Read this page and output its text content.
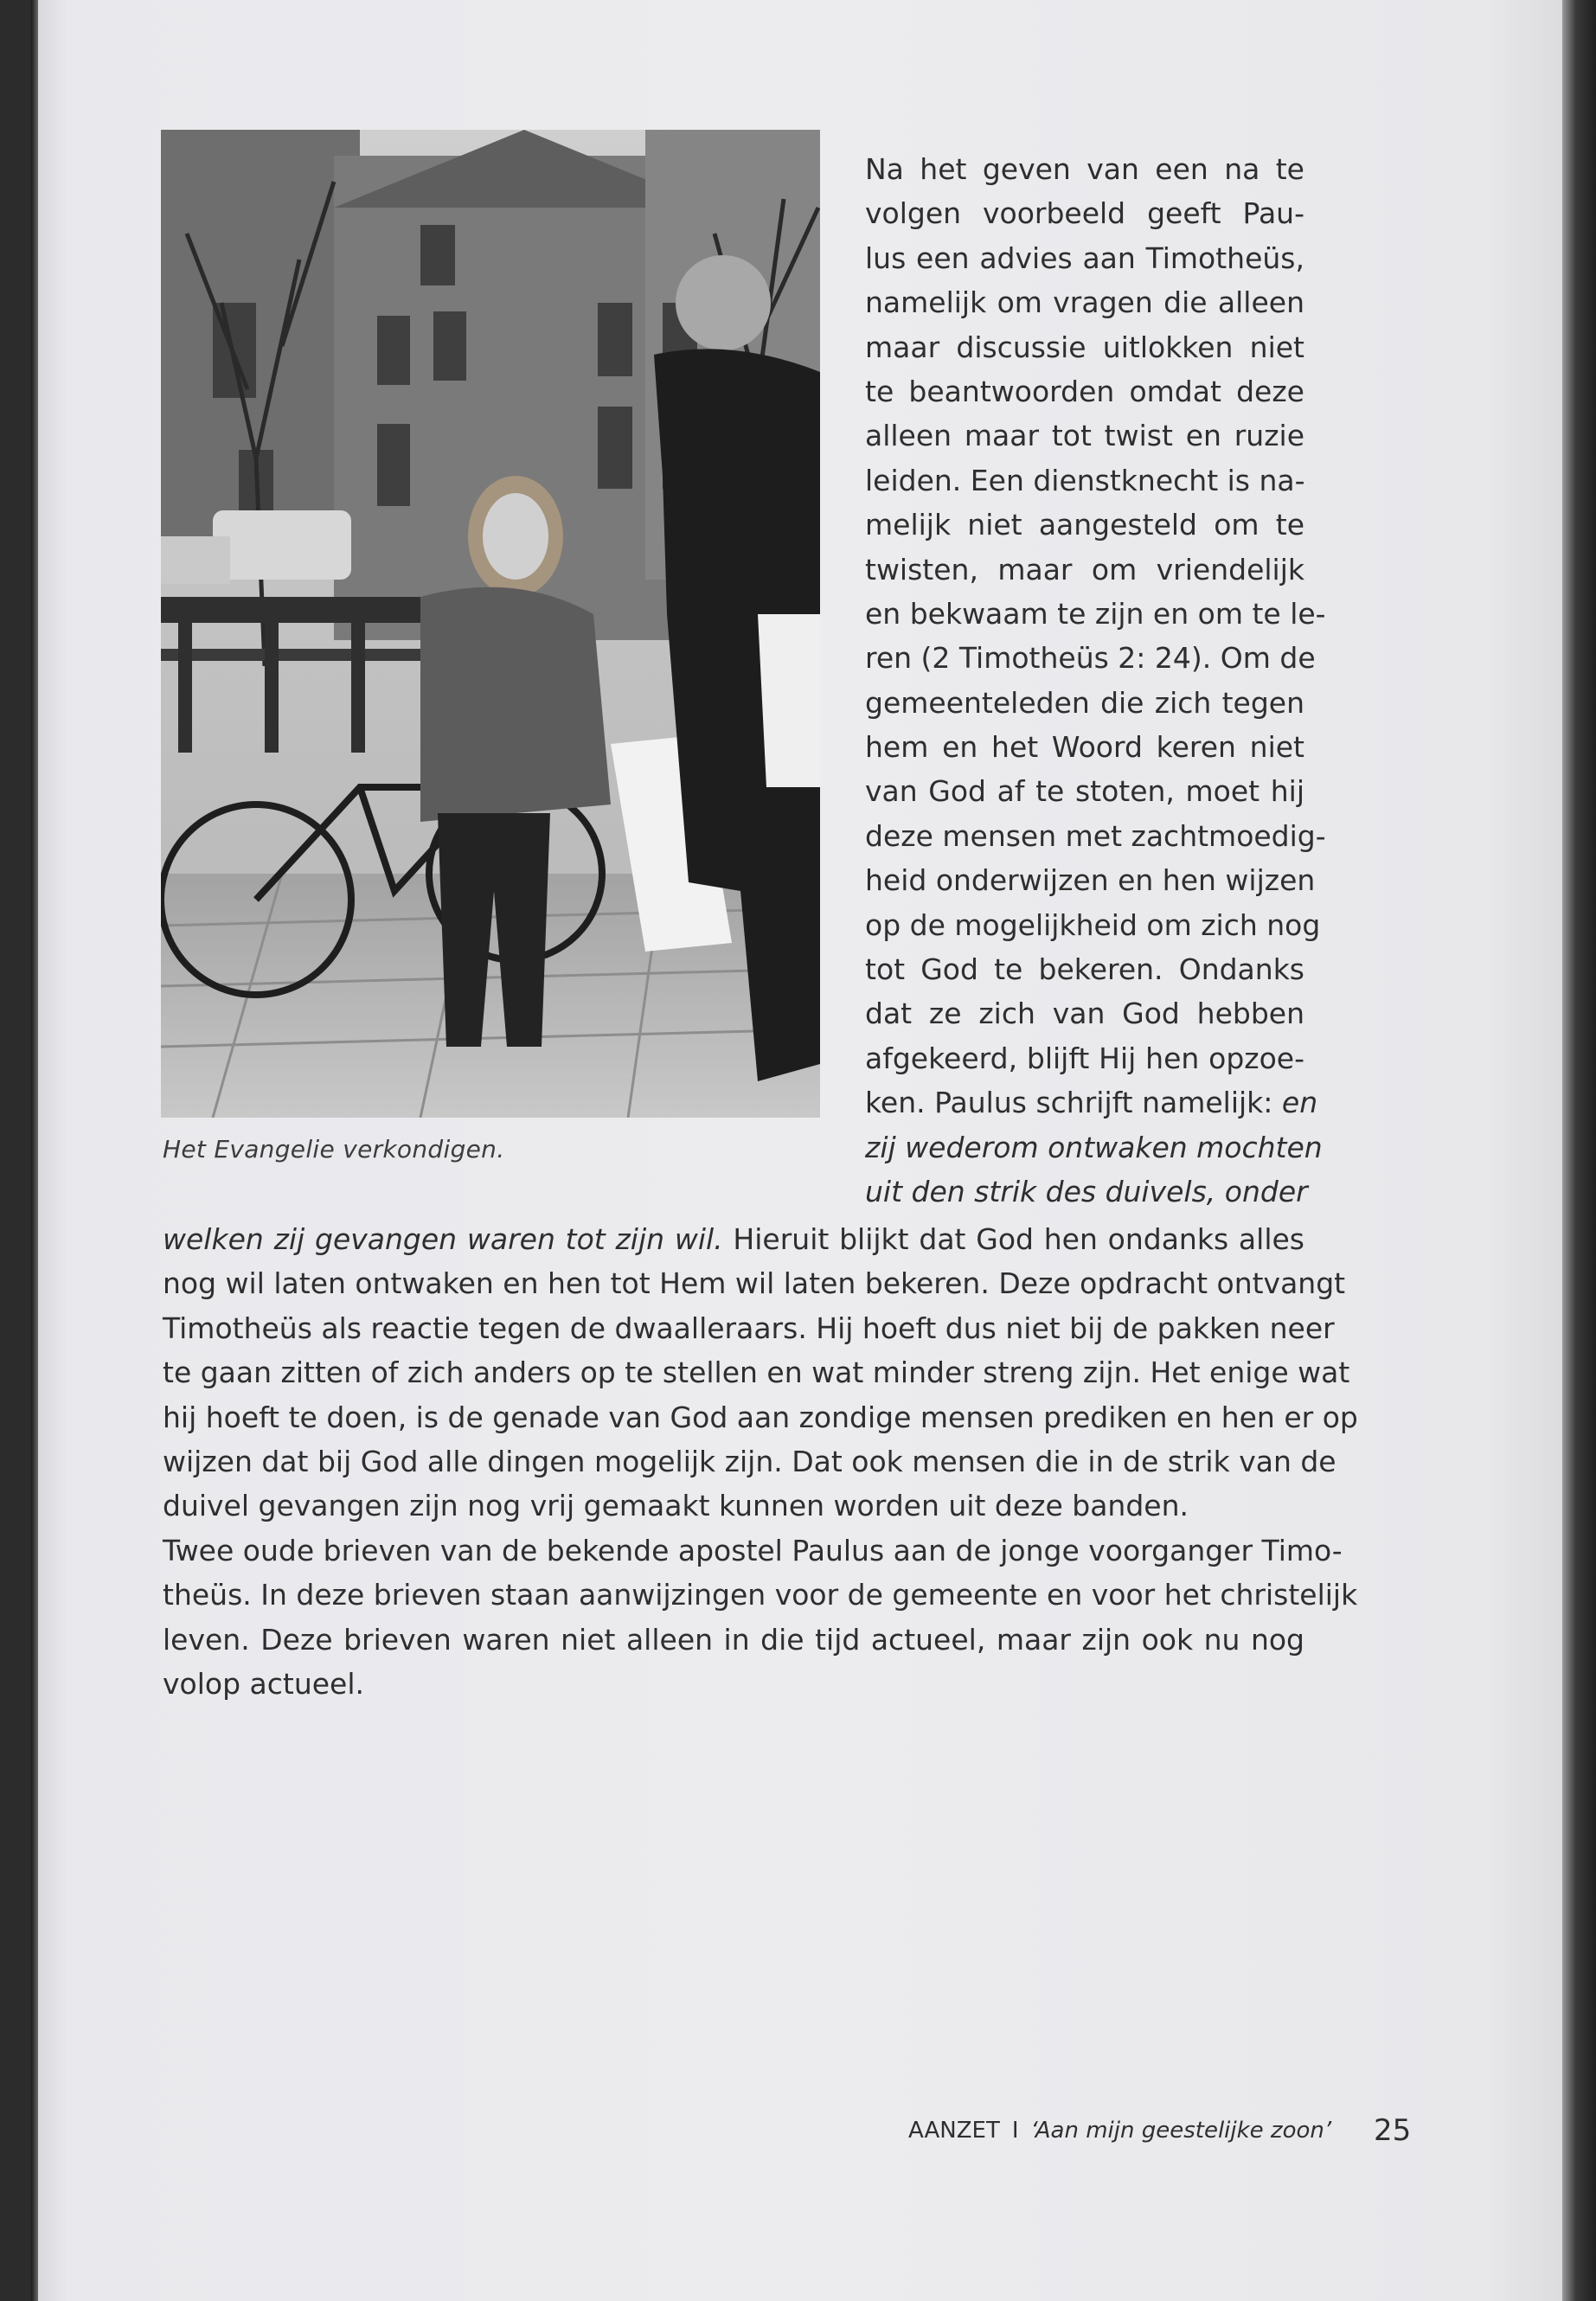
Het Evangelie verkondigen.
Na het geven van een na te
volgen voorbeeld geeft Pau-
lus een advies aan Timotheüs,
namelijk om vragen die alleen
maar discussie uitlokken niet
te beantwoorden omdat deze
alleen maar tot twist en ruzie
leiden. Een dienstknecht is na-
melijk niet aangesteld om te
twisten, maar om vriendelijk
en bekwaam te zijn en om te le-
ren (2 Timotheüs 2: 24). Om de
gemeenteleden die zich tegen
hem en het Woord keren niet
van God af te stoten, moet hij
deze mensen met zachtmoedig-
heid onderwijzen en hen wijzen
op de mogelijkheid om zich nog
tot God te bekeren. Ondanks
dat ze zich van God hebben
afgekeerd, blijft Hij hen opzoe-
ken. Paulus schrijft namelijk: en
zij wederom ontwaken mochten
uit den strik des duivels, onder
welken zij gevangen waren tot zijn wil. Hieruit blijkt dat God hen ondanks alles
nog wil laten ontwaken en hen tot Hem wil laten bekeren. Deze opdracht ontvangt
Timotheüs als reactie tegen de dwaalleraars. Hij hoeft dus niet bij de pakken neer
te gaan zitten of zich anders op te stellen en wat minder streng zijn. Het enige wat
hij hoeft te doen, is de genade van God aan zondige mensen prediken en hen er op
wijzen dat bij God alle dingen mogelijk zijn. Dat ook mensen die in de strik van de
duivel gevangen zijn nog vrij gemaakt kunnen worden uit deze banden.
Twee oude brieven van de bekende apostel Paulus aan de jonge voorganger Timo-
theüs. In deze brieven staan aanwijzingen voor de gemeente en voor het christelijk
leven. Deze brieven waren niet alleen in die tijd actueel, maar zijn ook nu nog
volop actueel.
AANZET I ‘Aan mijn geestelijke zoon’	25
